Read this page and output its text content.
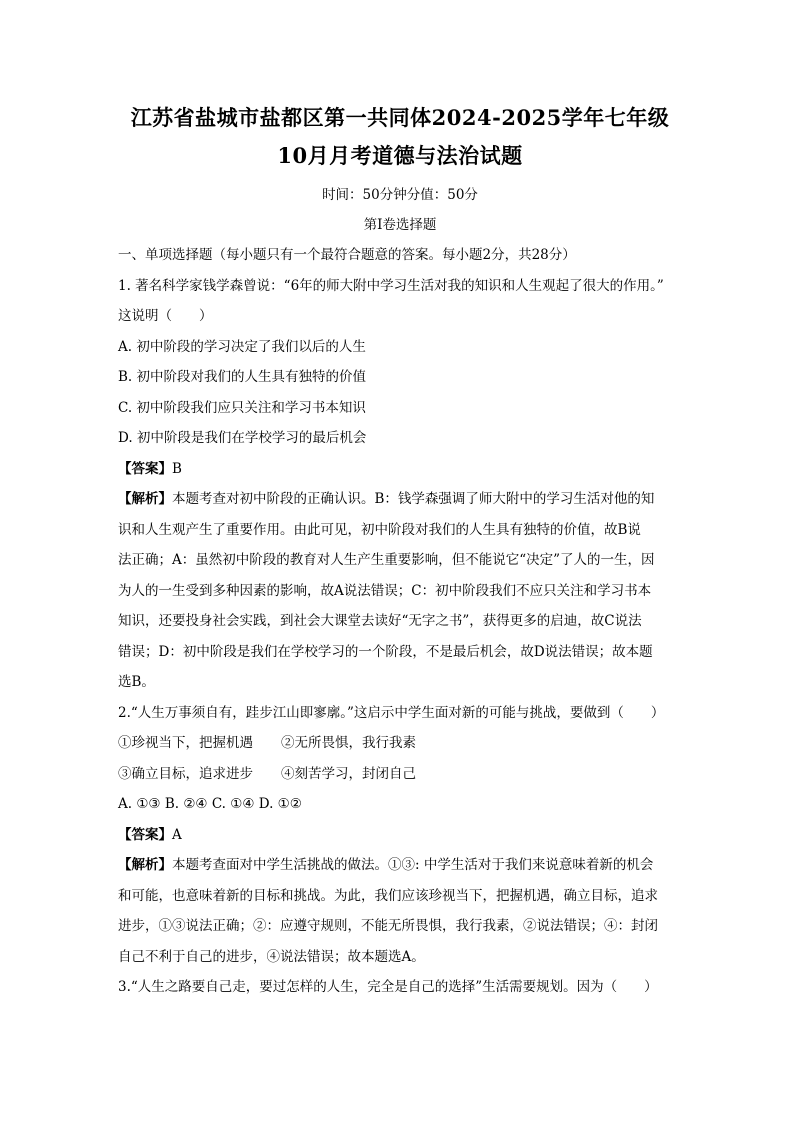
江苏省盐城市盐都区第一共同体2024-2025学年七年级

10月月考道德与法治试题

时间：50分钟分值：50分

第Ⅰ卷选择题

一、单项选择题（每小题只有一个最符合题意的答案。每小题2分，共28分）

1. 著名科学家钱学森曾说：“6年的师大附中学习生活对我的知识和人生观起了很大的作用。”

这说明（　　）

A. 初中阶段的学习决定了我们以后的人生

B. 初中阶段对我们的人生具有独特的价值

C. 初中阶段我们应只关注和学习书本知识

D. 初中阶段是我们在学校学习的最后机会

【答案】B

【解析】本题考查对初中阶段的正确认识。B：钱学森强调了师大附中的学习生活对他的知

识和人生观产生了重要作用。由此可见，初中阶段对我们的人生具有独特的价值，故B说

法正确；A：虽然初中阶段的教育对人生产生重要影响，但不能说它“决定”了人的一生，因

为人的一生受到多种因素的影响，故A说法错误；C：初中阶段我们不应只关注和学习书本

知识，还要投身社会实践，到社会大课堂去读好“无字之书”，获得更多的启迪，故C说法

错误；D：初中阶段是我们在学校学习的一个阶段，不是最后机会，故D说法错误；故本题

选B。

2.“人生万事须自有，跬步江山即寥廓。”这启示中学生面对新的可能与挑战，要做到（　　）

①珍视当下，把握机遇 ②无所畏惧，我行我素

③确立目标，追求进步 ④刻苦学习，封闭自己

A. ①③ B. ②④ C. ①④ D. ①②

【答案】A

【解析】本题考查面对中学生活挑战的做法。①③: 中学生活对于我们来说意味着新的机会

和可能，也意味着新的目标和挑战。为此，我们应该珍视当下，把握机遇，确立目标，追求

进步，①③说法正确；②：应遵守规则，不能无所畏惧，我行我素，②说法错误；④：封闭

自己不利于自己的进步，④说法错误；故本题选A。

3.“人生之路要自己走，要过怎样的人生，完全是自己的选择”生活需要规划。因为（　　）
